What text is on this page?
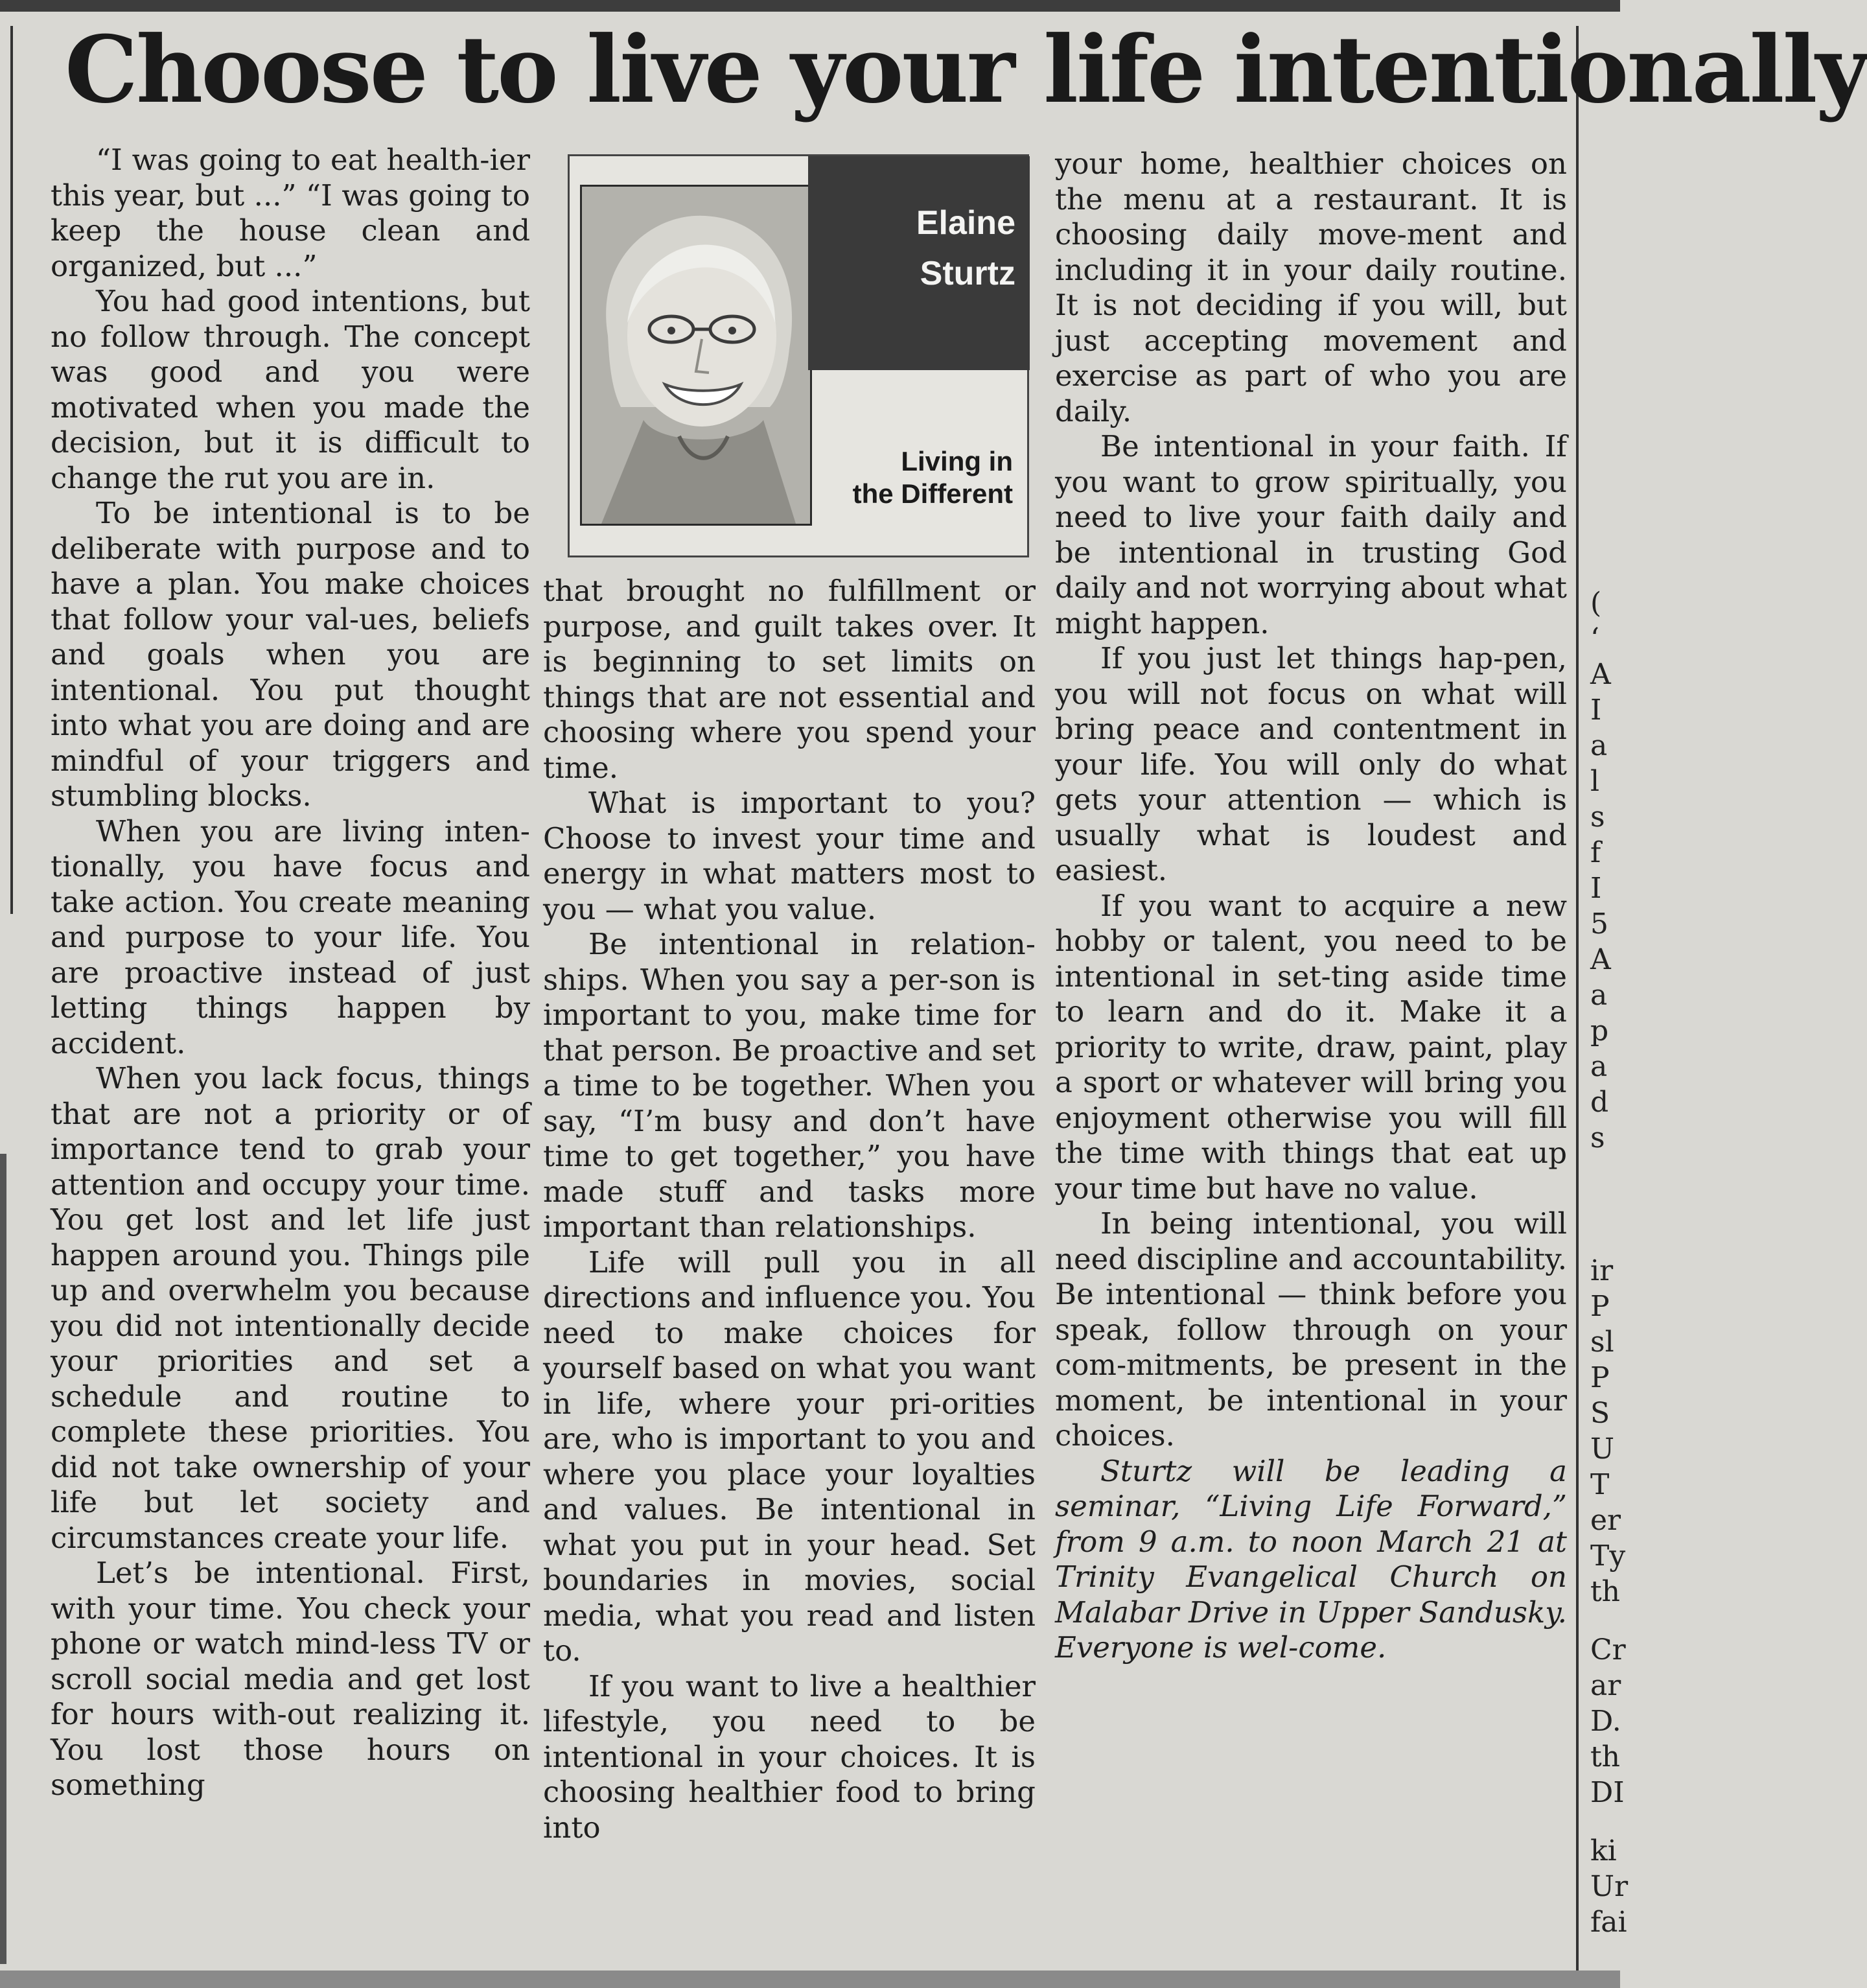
(
‘
A
I
a
l
s
f
I
5
A
a
p
a
d
s
ir
P
sl
P
S
U
T
er
Ty
th
Cr
ar
D.
th
DI
ki
Ur
fai
Choose to live your life intentionally

“I was going to eat health-ier this year, but ...” “I was going to keep the house clean and organized, but ...”

You had good intentions, but no follow through. The concept was good and you were motivated when you made the decision, but it is difficult to change the rut you are in.

To be intentional is to be deliberate with purpose and to have a plan. You make choices that follow your val-ues, beliefs and goals when you are intentional. You put thought into what you are doing and are mindful of your triggers and stumbling blocks.

When you are living inten-tionally, you have focus and take action. You create meaning and purpose to your life. You are proactive instead of just letting things happen by accident.

When you lack focus, things that are not a priority or of importance tend to grab your attention and occupy your time. You get lost and let life just happen around you. Things pile up and overwhelm you because you did not intentionally decide your priorities and set a schedule and routine to complete these priorities. You did not take ownership of your life but let society and circumstances create your life.

Let’s be intentional. First, with your time. You check your phone or watch mind-less TV or scroll social media and get lost for hours with-out realizing it. You lost those hours on something

Elaine
Sturtz
Living in
the Different

that brought no fulfillment or purpose, and guilt takes over. It is beginning to set limits on things that are not essential and choosing where you spend your time.

What is important to you? Choose to invest your time and energy in what matters most to you — what you value.

Be intentional in relation-ships. When you say a per-son is important to you, make time for that person. Be proactive and set a time to be together. When you say, “I’m busy and don’t have time to get together,” you have made stuff and tasks more important than relationships.

Life will pull you in all directions and influence you. You need to make choices for yourself based on what you want in life, where your pri-orities are, who is important to you and where you place your loyalties and values. Be intentional in what you put in your head. Set boundaries in movies, social media, what you read and listen to.

If you want to live a healthier lifestyle, you need to be intentional in your choices. It is choosing healthier food to bring into

your home, healthier choices on the menu at a restaurant. It is choosing daily move-ment and including it in your daily routine. It is not deciding if you will, but just accepting movement and exercise as part of who you are daily.

Be intentional in your faith. If you want to grow spiritually, you need to live your faith daily and be intentional in trusting God daily and not worrying about what might happen.

If you just let things hap-pen, you will not focus on what will bring peace and contentment in your life. You will only do what gets your attention — which is usually what is loudest and easiest.

If you want to acquire a new hobby or talent, you need to be intentional in set-ting aside time to learn and do it. Make it a priority to write, draw, paint, play a sport or whatever will bring you enjoyment otherwise you will fill the time with things that eat up your time but have no value.

In being intentional, you will need discipline and accountability. Be intentional — think before you speak, follow through on your com-mitments, be present in the moment, be intentional in your choices.

Sturtz will be leading a seminar, “Living Life Forward,” from 9 a.m. to noon March 21 at Trinity Evangelical Church on Malabar Drive in Upper Sandusky. Everyone is wel-come.
